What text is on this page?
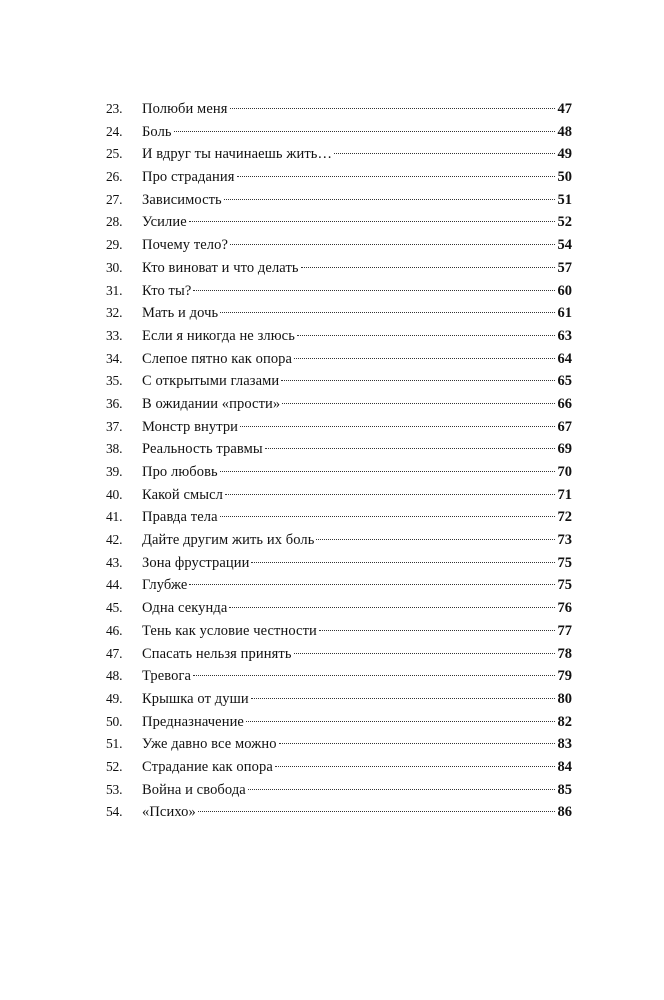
23.	Полюби меня	47
24.	Боль	48
25.	И вдруг ты начинаешь жить…	49
26.	Про страдания	50
27.	Зависимость	51
28.	Усилие	52
29.	Почему тело?	54
30.	Кто виноват и что делать	57
31.	Кто ты?	60
32.	Мать и дочь	61
33.	Если я никогда не злюсь	63
34.	Слепое пятно как опора	64
35.	С открытыми глазами	65
36.	В ожидании «прости»	66
37.	Монстр внутри	67
38.	Реальность травмы	69
39.	Про любовь	70
40.	Какой смысл	71
41.	Правда тела	72
42.	Дайте другим жить их боль	73
43.	Зона фрустрации	75
44.	Глубже	75
45.	Одна секунда	76
46.	Тень как условие честности	77
47.	Спасать нельзя принять	78
48.	Тревога	79
49.	Крышка от души	80
50.	Предназначение	82
51.	Уже давно все можно	83
52.	Страдание как опора	84
53.	Война и свобода	85
54.	«Психо»	86
